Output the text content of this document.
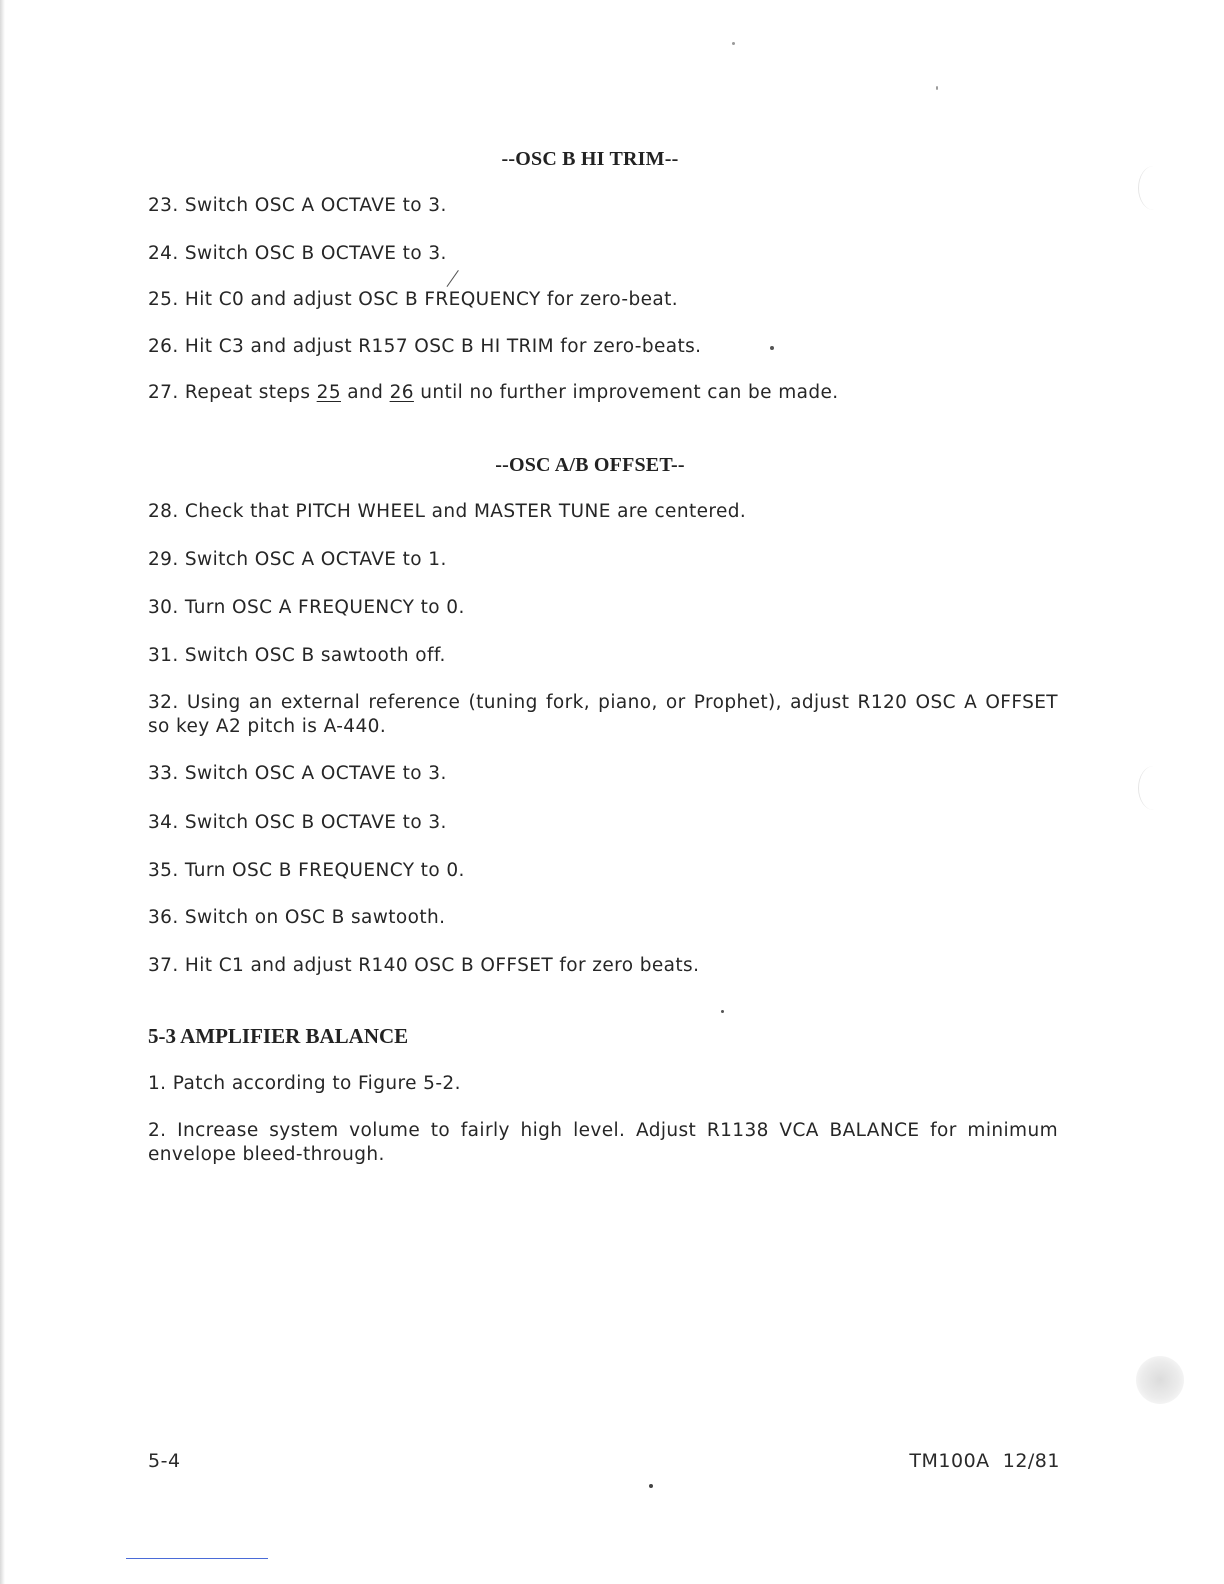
--OSC B HI TRIM--
23. Switch OSC A OCTAVE to 3.
24. Switch OSC B OCTAVE to 3.
25. Hit C0 and adjust OSC B FREQUENCY for zero-beat.
26. Hit C3 and adjust R157 OSC B HI TRIM for zero-beats.
27. Repeat steps 25 and 26 until no further improvement can be made.
--OSC A/B OFFSET--
28. Check that PITCH WHEEL and MASTER TUNE are centered.
29. Switch OSC A OCTAVE to 1.
30. Turn OSC A FREQUENCY to 0.
31. Switch OSC B sawtooth off.
32. Using an external reference (tuning fork, piano, or Prophet), adjust R120 OSC A OFFSET so key A2 pitch is A-440.
33. Switch OSC A OCTAVE to 3.
34. Switch OSC B OCTAVE to 3.
35. Turn OSC B FREQUENCY to 0.
36. Switch on OSC B sawtooth.
37. Hit C1 and adjust R140 OSC B OFFSET for zero beats.
5-3 AMPLIFIER BALANCE
1. Patch according to Figure 5-2.
2. Increase system volume to fairly high level. Adjust R1138 VCA BALANCE for minimum envelope bleed-through.
5-4	TM100A  12/81
